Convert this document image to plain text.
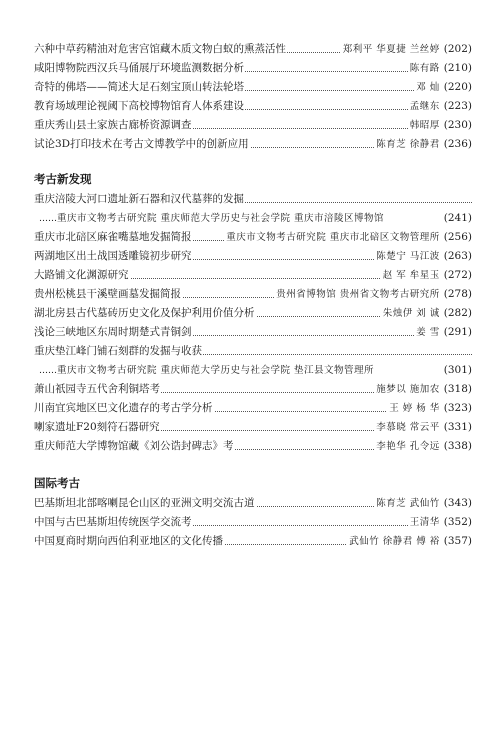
六种中草药精油对危害宫馆藏木质文物白蚁的熏蒸活性	郑利平 华夏捷 兰丝婷 (202)
咸阳博物院西汉兵马俑展厅环境监测数据分析	陈有路 (210)
奇特的佛塔——简述大足石刻宝顶山转法轮塔	邓 灿 (220)
教育场域理论视阈下高校博物馆育人体系建设	孟继东 (223)
重庆秀山县土家族古廊桥资源调查	韩昭厚 (230)
试论3D打印技术在考古文博教学中的创新应用	陈育芝 徐静君 (236)
考古新发现
重庆涪陵大河口遗址新石器和汉代墓葬的发掘
……重庆市文物考古研究院 重庆师范大学历史与社会学院 重庆市涪陵区博物馆	(241)
重庆市北碚区麻雀嘴墓地发掘简报	重庆市文物考古研究院 重庆市北碚区文物管理所 (256)
两湖地区出土战国透雕镜初步研究	陈楚宁 马江波 (263)
大路铺文化渊源研究	赵 军 牟星玉 (272)
贵州松桃县干溪壁画墓发掘简报	贵州省博物馆 贵州省文物考古研究所 (278)
湖北房县古代墓砖历史文化及保护利用价值分析	朱烛伊 刘 诚 (282)
浅论三峡地区东周时期楚式青铜剑	姜 雪 (291)
重庆垫江峰门铺石刻群的发掘与收获
……重庆市文物考古研究院 重庆师范大学历史与社会学院 垫江县文物管理所	(301)
萧山祇园寺五代舍利铜塔考	施梦以 施加农 (318)
川南宜宾地区巴文化遗存的考古学分析	王 婷 杨 华 (323)
喇家遗址F20刻符石器研究	李慕晓 常云平 (331)
重庆师范大学博物馆藏《刘公诰封碑志》考	李艳华 孔令远 (338)
国际考古
巴基斯坦北部喀喇昆仑山区的亚洲文明交流古道	陈育芝 武仙竹 (343)
中国与古巴基斯坦传统医学交流考	王清华 (352)
中国夏商时期向西伯利亚地区的文化传播	武仙竹 徐静君 傅 裕 (357)
